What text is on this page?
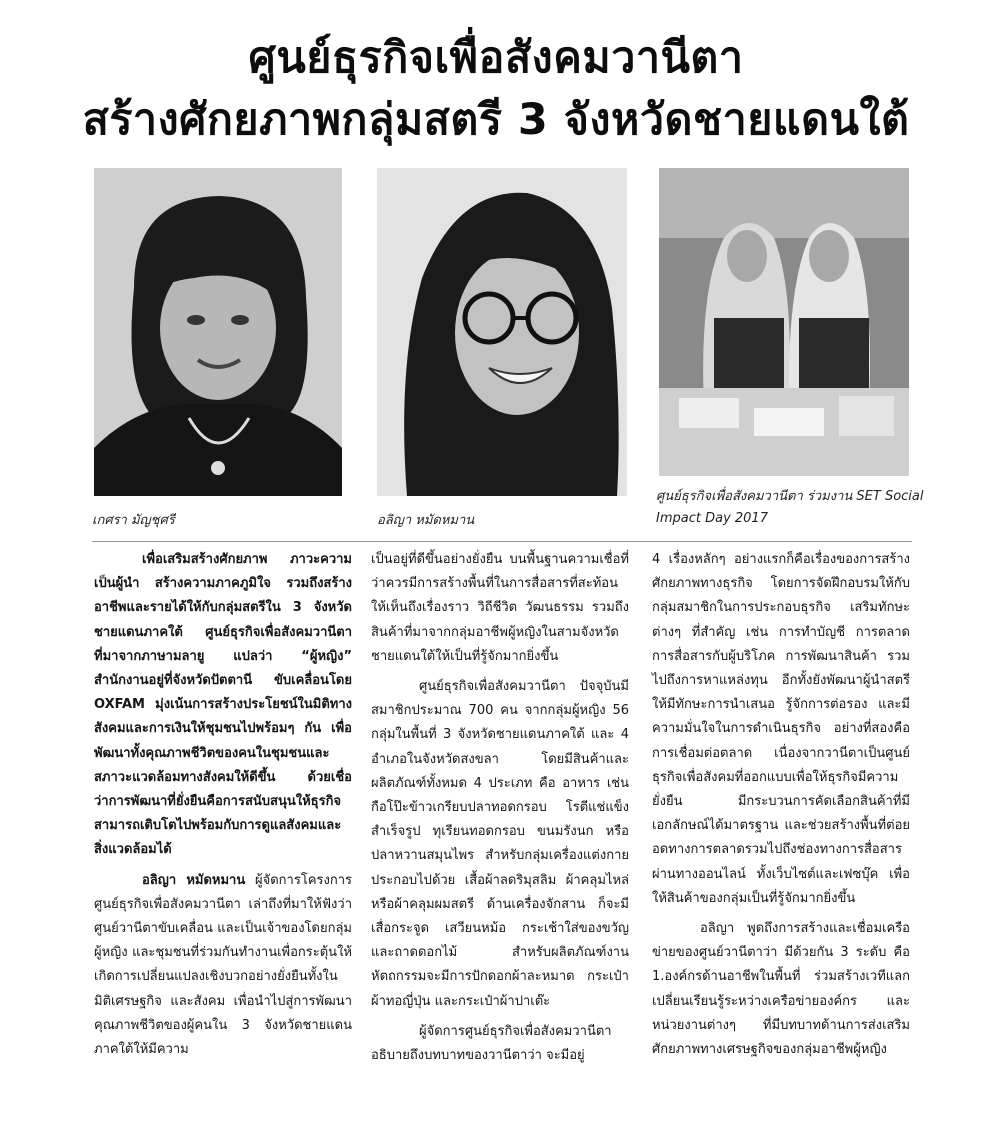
ศูนย์ธุรกิจเพื่อสังคมวานีตา
สร้างศักยภาพกลุ่มสตรี 3 จังหวัดชายแดนใต้
เกศรา มัญชุศรี	อลิญา หมัดหมาน
ศูนย์ธุรกิจเพื่อสังคมวานีตา ร่วมงาน SET Social Impact Day 2017

เพื่อเสริมสร้างศักยภาพ ภาวะความเป็นผู้นำ สร้างความภาคภูมิใจ รวมถึงสร้างอาชีพและรายได้ให้กับกลุ่มสตรีใน 3 จังหวัดชายแดนภาคใต้ ศูนย์ธุรกิจเพื่อสังคมวานีตา ที่มาจากภาษามลายู แปลว่า “ผู้หญิง” สำนักงานอยู่ที่จังหวัดปัตตานี ขับเคลื่อนโดย OXFAM มุ่งเน้นการสร้างประโยชน์ในมิติทางสังคมและการเงินให้ชุมชนไปพร้อมๆ กัน เพื่อพัฒนาทั้งคุณภาพชีวิตของคนในชุมชนและสภาวะแวดล้อมทางสังคมให้ดีขึ้น ด้วยเชื่อว่าการพัฒนาที่ยั่งยืนคือการสนับสนุนให้ธุรกิจสามารถเติบโตไปพร้อมกับการดูแลสังคมและสิ่งแวดล้อมได้

อลิญา หมัดหมาน ผู้จัดการโครงการศูนย์ธุรกิจเพื่อสังคมวานีตา เล่าถึงที่มาให้ฟังว่า ศูนย์วานีตาขับเคลื่อน และเป็นเจ้าของโดยกลุ่มผู้หญิง และชุมชนที่ร่วมกันทำงานเพื่อกระตุ้นให้เกิดการเปลี่ยนแปลงเชิงบวกอย่างยั่งยืนทั้งในมิติเศรษฐกิจ และสังคม เพื่อนำไปสู่การพัฒนาคุณภาพชีวิตของผู้คนใน 3 จังหวัดชายแดนภาคใต้ให้มีความ

เป็นอยู่ที่ดีขึ้นอย่างยั่งยืน บนพื้นฐานความเชื่อที่ว่าควรมีการสร้างพื้นที่ในการสื่อสารที่สะท้อนให้เห็นถึงเรื่องราว วิถีชีวิต วัฒนธรรม รวมถึงสินค้าที่มาจากกลุ่มอาชีพผู้หญิงในสามจังหวัดชายแดนใต้ให้เป็นที่รู้จักมากยิ่งขึ้น

ศูนย์ธุรกิจเพื่อสังคมวานีตา ปัจจุบันมีสมาชิกประมาณ 700 คน จากกลุ่มผู้หญิง 56 กลุ่มในพื้นที่ 3 จังหวัดชายแดนภาคใต้ และ 4 อำเภอในจังหวัดสงขลา โดยมีสินค้าและผลิตภัณฑ์ทั้งหมด 4 ประเภท คือ อาหาร เช่น กือโป๊ะข้าวเกรียบปลาทอดกรอบ โรตีแช่แข็งสำเร็จรูป ทุเรียนทอดกรอบ ขนมรังนก หรือ ปลาหวานสมุนไพร สำหรับกลุ่มเครื่องแต่งกาย ประกอบไปด้วย เสื้อผ้าลดริมุสลิม ผ้าคลุมไหล่ หรือผ้าคลุมผมสตรี ด้านเครื่องจักสาน ก็จะมีเสื่อกระจูด เสวียนหม้อ กระเช้าใส่ของขวัญ และถาดดอกไม้ สำหรับผลิตภัณฑ์งานหัตถกรรมจะมีการปักดอกผ้าละหมาด กระเป๋าผ้าทอญี่ปุ่น และกระเป๋าผ้าปาเต๊ะ

ผู้จัดการศูนย์ธุรกิจเพื่อสังคมวานีตา อธิบายถึงบทบาทของวานีตาว่า จะมีอยู่

4 เรื่องหลักๆ อย่างแรกก็คือเรื่องของการสร้างศักยภาพทางธุรกิจ โดยการจัดฝึกอบรมให้กับกลุ่มสมาชิกในการประกอบธุรกิจ เสริมทักษะต่างๆ ที่สำคัญ เช่น การทำบัญชี การตลาด การสื่อสารกับผู้บริโภค การพัฒนาสินค้า รวมไปถึงการหาแหล่งทุน อีกทั้งยังพัฒนาผู้นำสตรีให้มีทักษะการนำเสนอ รู้จักการต่อรอง และมีความมั่นใจในการดำเนินธุรกิจ อย่างที่สองคือการเชื่อมต่อตลาด เนื่องจากวานีตาเป็นศูนย์ธุรกิจเพื่อสังคมที่ออกแบบเพื่อให้ธุรกิจมีความยั่งยืน มีกระบวนการคัดเลือกสินค้าที่มีเอกลักษณ์ได้มาตรฐาน และช่วยสร้างพื้นที่ต่อยอดทางการตลาดรวมไปถึงช่องทางการสื่อสารผ่านทางออนไลน์ ทั้งเว็บไซต์และเฟซบุ๊ค เพื่อให้สินค้าของกลุ่มเป็นที่รู้จักมากยิ่งขึ้น

อลิญา พูดถึงการสร้างและเชื่อมเครือข่ายของศูนย์วานีตาว่า มีด้วยกัน 3 ระดับ คือ 1.องค์กรด้านอาชีพในพื้นที่ ร่วมสร้างเวทีแลกเปลี่ยนเรียนรู้ระหว่างเครือข่ายองค์กร และหน่วยงานต่างๆ ที่มีบทบาทด้านการส่งเสริมศักยภาพทางเศรษฐกิจของกลุ่มอาชีพผู้หญิง
